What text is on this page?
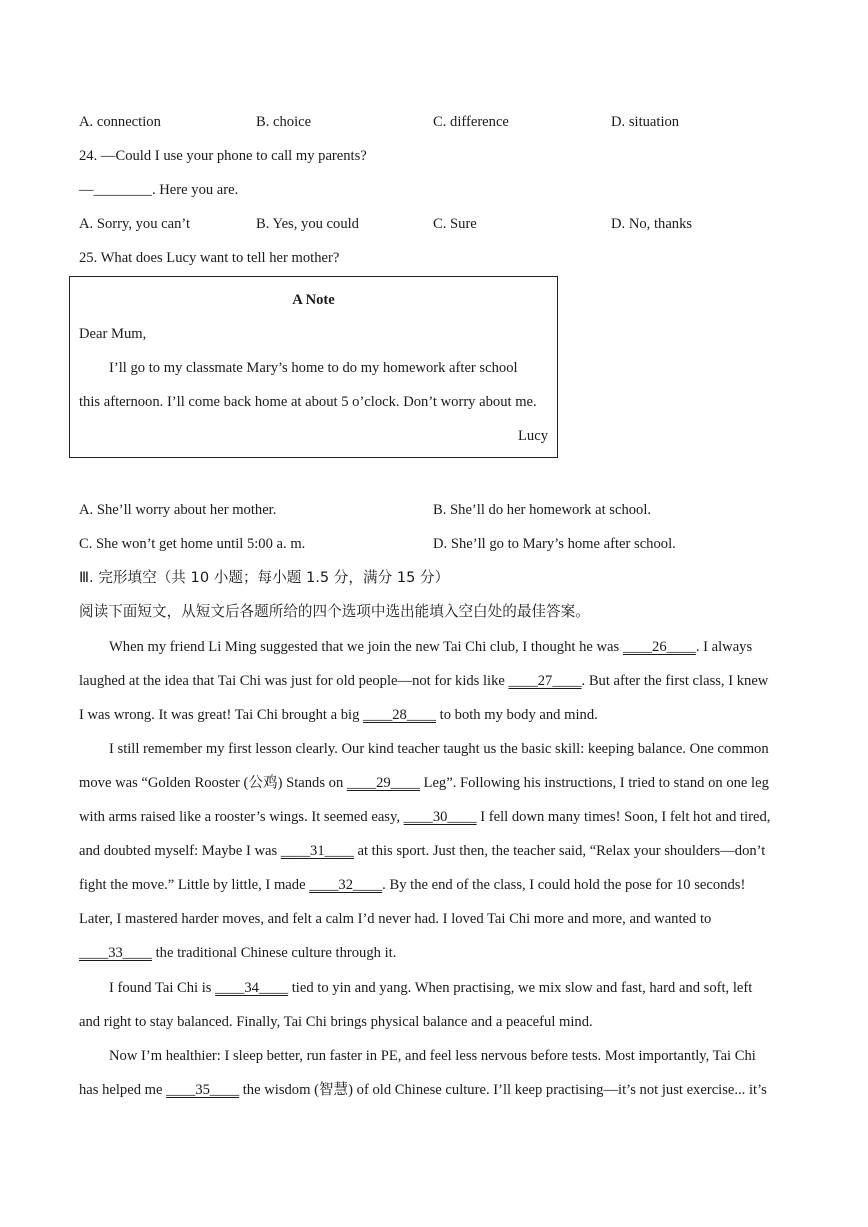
A. connection	B. choice	C. difference	D. situation
24. —Could I use your phone to call my parents?
—________. Here you are.
A. Sorry, you can’t	B. Yes, you could	C. Sure	D. No, thanks
25. What does Lucy want to tell her mother?
A Note
Dear Mum,
I’ll go to my classmate Mary’s home to do my homework after school
this afternoon. I’ll come back home at about 5 o’clock. Don’t worry about me.
Lucy
A. She’ll worry about her mother.	B. She’ll do her homework at school.
C. She won’t get home until 5:00 a. m.	D. She’ll go to Mary’s home after school.
Ⅲ. 完形填空（共 10 小题；每小题 1.5 分，满分 15 分）
阅读下面短文，从短文后各题所给的四个选项中选出能填入空白处的最佳答案。
When my friend Li Ming suggested that we join the new Tai Chi club, I thought he was ____26____. I always
laughed at the idea that Tai Chi was just for old people—not for kids like ____27____. But after the first class, I knew
I was wrong. It was great! Tai Chi brought a big ____28____ to both my body and mind.
I still remember my first lesson clearly. Our kind teacher taught us the basic skill: keeping balance. One common
move was “Golden Rooster (公鸡) Stands on ____29____ Leg”. Following his instructions, I tried to stand on one leg
with arms raised like a rooster’s wings. It seemed easy, ____30____ I fell down many times! Soon, I felt hot and tired,
and doubted myself: Maybe I was ____31____ at this sport. Just then, the teacher said, “Relax your shoulders—don’t
fight the move.” Little by little, I made ____32____. By the end of the class, I could hold the pose for 10 seconds!
Later, I mastered harder moves, and felt a calm I’d never had. I loved Tai Chi more and more, and wanted to
____33____ the traditional Chinese culture through it.
I found Tai Chi is ____34____ tied to yin and yang. When practising, we mix slow and fast, hard and soft, left
and right to stay balanced. Finally, Tai Chi brings physical balance and a peaceful mind.
Now I’m healthier: I sleep better, run faster in PE, and feel less nervous before tests. Most importantly, Tai Chi
has helped me ____35____ the wisdom (智慧) of old Chinese culture. I’ll keep practising—it’s not just exercise... it’s
